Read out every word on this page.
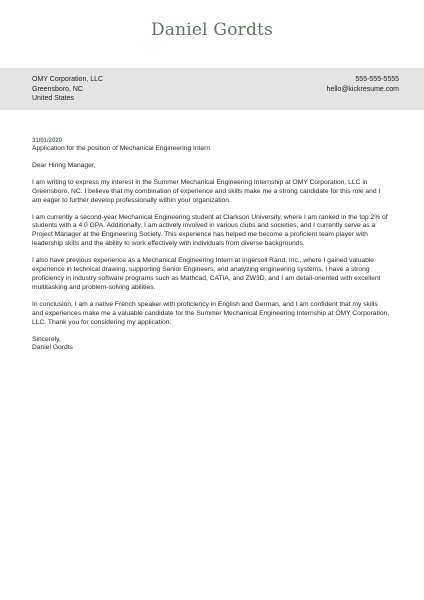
Daniel Gordts
OMY Corporation, LLC
Greensboro, NC
United States
555-555-5555
hello@kickresume.com
31/01/2020
Application for the position of Mechanical Engineering Intern
Dear Hiring Manager,
I am writing to express my interest in the Summer Mechanical Engineering Internship at OMY Corporation, LLC in
Greensboro, NC. I believe that my combination of experience and skills make me a strong candidate for this role and I
am eager to further develop professionally within your organization.
I am currently a second-year Mechanical Engineering student at Clarkson University, where I am ranked in the top 2% of
students with a 4.0 GPA. Additionally, I am actively involved in various clubs and societies, and I currently serve as a
Project Manager at the Engineering Society. This experience has helped me become a proficient team player with
leadership skills and the ability to work effectively with individuals from diverse backgrounds.
I also have previous experience as a Mechanical Engineering Intern at Ingersoll Rand, Inc., where I gained valuable
experience in technical drawing, supporting Senior Engineers, and analyzing engineering systems. I have a strong
proficiency in industry software programs such as Mathcad, CATIA, and ZW3D, and I am detail-oriented with excellent
multitasking and problem-solving abilities.
In conclusion, I am a native French speaker with proficiency in English and German, and I am confident that my skills
and experiences make me a valuable candidate for the Summer Mechanical Engineering Internship at OMY Corporation,
LLC. Thank you for considering my application.
Sincerely,
Daniel Gordts
